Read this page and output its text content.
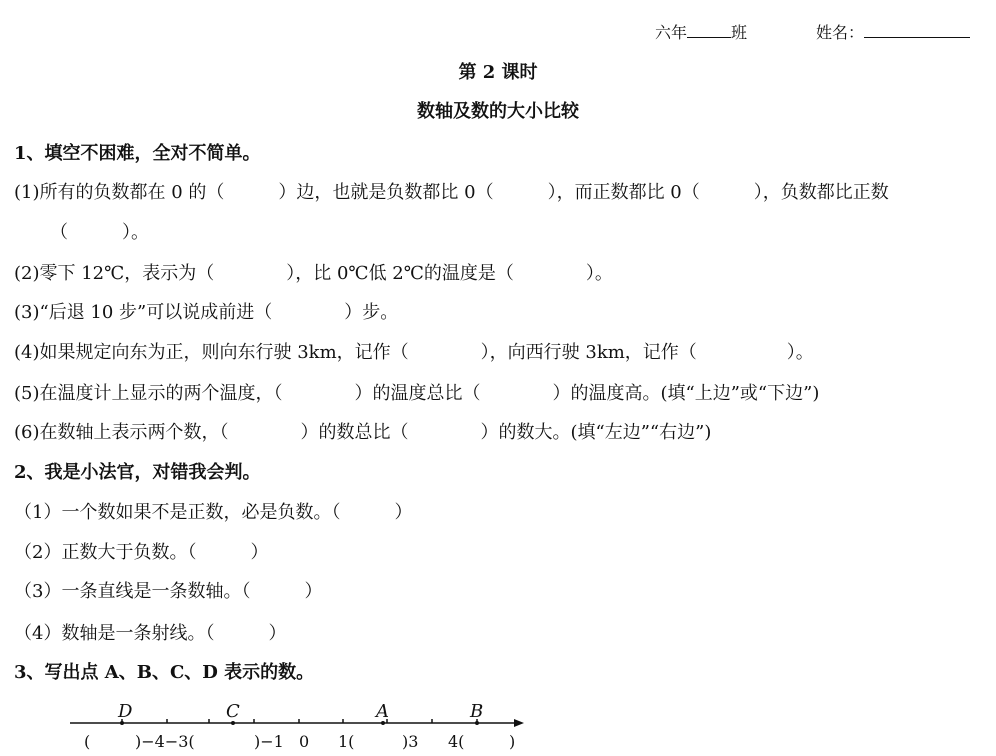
六年	班	姓名：
第 2 课时
数轴及数的大小比较
1、填空不困难，全对不简单。
(1)所有的负数都在 0 的（　　　）边，也就是负数都比 0（　　　），而正数都比 0（　　　），负数都比正数
（　　　）。
(2)零下 12℃，表示为（　　　　），比 0℃低 2℃的温度是（　　　　）。
(3)“后退 10 步”可以说成前进（　　　　）步。
(4)如果规定向东为正，则向东行驶 3km，记作（　　　　），向西行驶 3km，记作（　　　　　）。
(5)在温度计上显示的两个温度，（　　　　）的温度总比（　　　　）的温度高。(填“上边”或“下边”)
(6)在数轴上表示两个数，（　　　　）的数总比（　　　　）的数大。(填“左边”“右边”)
2、我是小法官，对错我会判。
（1）一个数如果不是正数，必是负数。（　　　）
（2）正数大于负数。（　　　）
（3）一条直线是一条数轴。（　　　）
（4）数轴是一条射线。（　　　）
3、写出点 A、B、C、D 表示的数。
D	C	A	B
(	)−4−3(	)−1 0 1(	)3 4(	)
